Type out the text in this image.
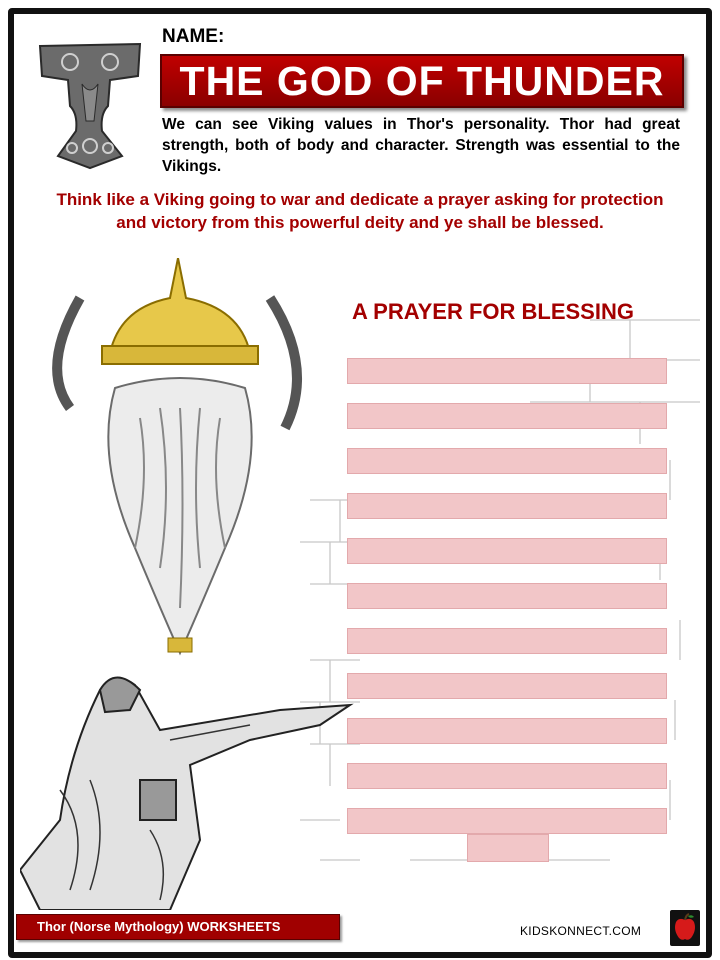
NAME:
THE GOD OF THUNDER
We can see Viking values in Thor's personality. Thor had great strength, both of body and character. Strength was essential to the Vikings.
Think like a Viking going to war and dedicate a prayer asking for protection and victory from this powerful deity and ye shall be blessed.
A PRAYER FOR BLESSING
Thor (Norse Mythology) WORKSHEETS	KIDSKONNECT.COM
